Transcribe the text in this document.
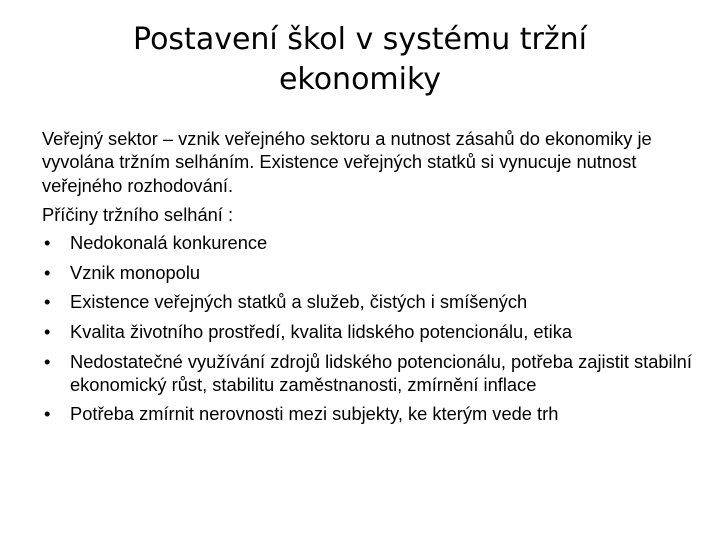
Postavení škol v systému tržní
ekonomiky

Veřejný sektor – vznik veřejného sektoru a nutnost zásahů do ekonomiky je vyvolána tržním selháním. Existence veřejných statků si vynucuje nutnost veřejného rozhodování.

Příčiny tržního selhání :

• Nedokonalá konkurence
• Vznik monopolu
• Existence veřejných statků a služeb, čistých i smíšených
• Kvalita životního prostředí, kvalita lidského potencionálu, etika
• Nedostatečné využívání zdrojů lidského potencionálu, potřeba zajistit stabilní ekonomický růst, stabilitu zaměstnanosti, zmírnění inflace
• Potřeba zmírnit nerovnosti mezi subjekty, ke kterým vede trh
